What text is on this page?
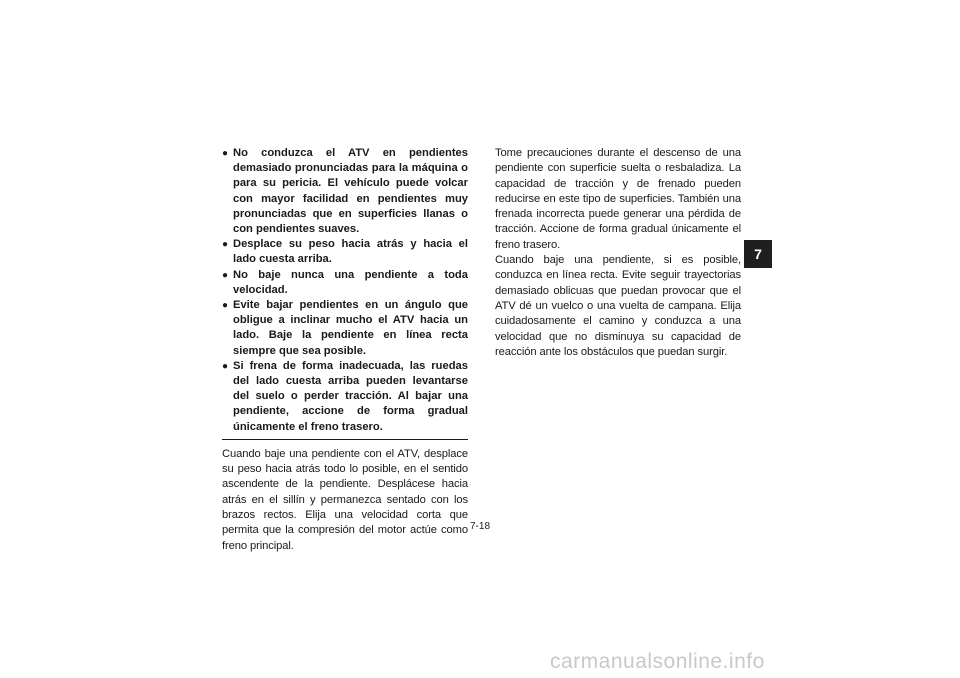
● No conduzca el ATV en pendientes demasiado pronunciadas para la máquina o para su pericia. El vehículo puede volcar con mayor facilidad en pendientes muy pronunciadas que en superficies llanas o con pendientes suaves.
● Desplace su peso hacia atrás y hacia el lado cuesta arriba.
● No baje nunca una pendiente a toda velocidad.
● Evite bajar pendientes en un ángulo que obligue a inclinar mucho el ATV hacia un lado. Baje la pendiente en línea recta siempre que sea posible.
● Si frena de forma inadecuada, las ruedas del lado cuesta arriba pueden levantarse del suelo o perder tracción. Al bajar una pendiente, accione de forma gradual únicamente el freno trasero.

Cuando baje una pendiente con el ATV, desplace su peso hacia atrás todo lo posible, en el sentido ascendente de la pendiente. Desplácese hacia atrás en el sillín y permanezca sentado con los brazos rectos. Elija una velocidad corta que permita que la compresión del motor actúe como freno principal.

Tome precauciones durante el descenso de una pendiente con superficie suelta o resbaladiza. La capacidad de tracción y de frenado pueden reducirse en este tipo de superficies. También una frenada incorrecta puede generar una pérdida de tracción. Accione de forma gradual únicamente el freno trasero.

Cuando baje una pendiente, si es posible, conduzca en línea recta. Evite seguir trayectorias demasiado oblicuas que puedan provocar que el ATV dé un vuelco o una vuelta de campana. Elija cuidadosamente el camino y conduzca a una velocidad que no disminuya su capacidad de reacción ante los obstáculos que puedan surgir.

7
7-18
carmanualsonline.info
